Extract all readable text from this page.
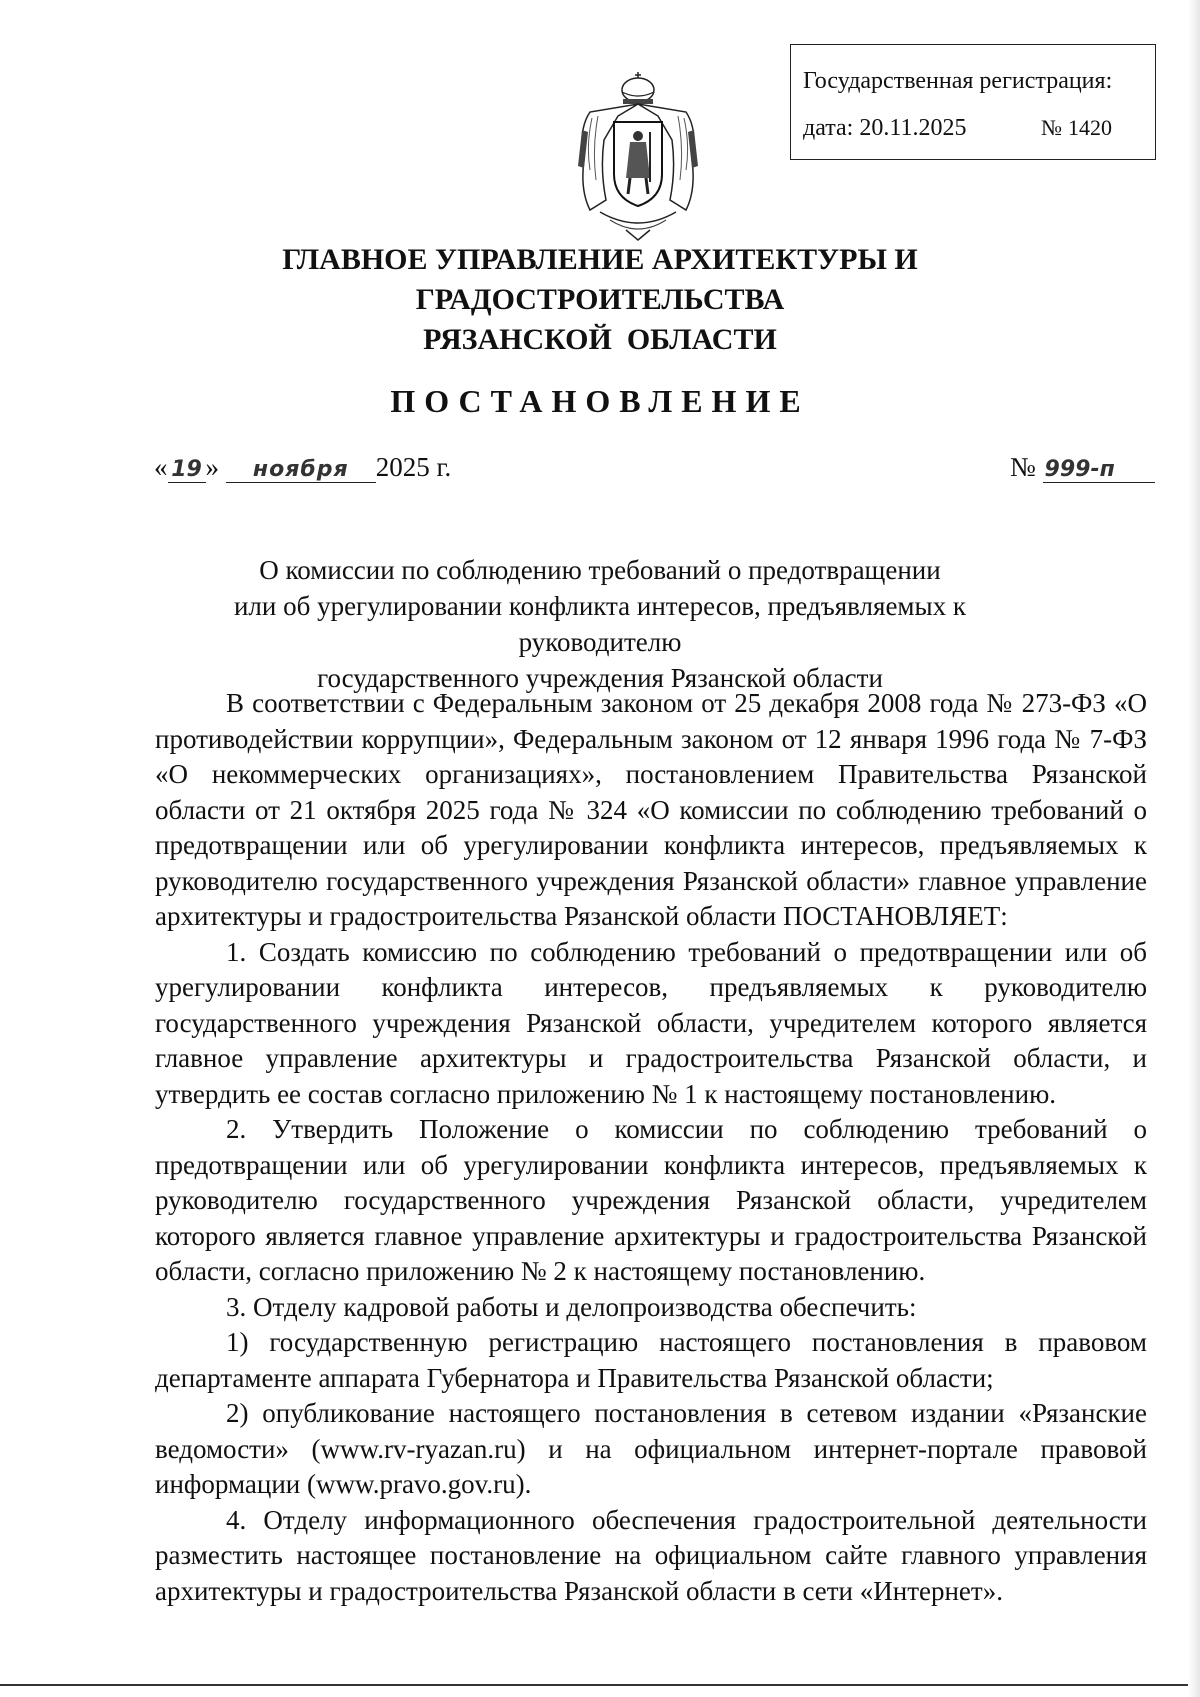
Государственная регистрация:
дата: 20.11.2025	№ 1420
ГЛАВНОЕ УПРАВЛЕНИЕ АРХИТЕКТУРЫ И ГРАДОСТРОИТЕЛЬСТВА
РЯЗАНСКОЙ  ОБЛАСТИ
ПОСТАНОВЛЕНИЕ
« 19 » ноября 2025 г.	№ 999-п
О комиссии по соблюдению требований о предотвращении
или об урегулировании конфликта интересов, предъявляемых к руководителю
государственного учреждения Рязанской области

В соответствии с Федеральным законом от 25 декабря 2008 года № 273-ФЗ «О противодействии коррупции», Федеральным законом от 12 января 1996 года № 7-ФЗ «О некоммерческих организациях», постановлением Правительства Рязанской области от 21 октября 2025 года № 324 «О комиссии по соблюдению требований о предотвращении или об урегулировании конфликта интересов, предъявляемых к руководителю государственного учреждения Рязанской области» главное управление архитектуры и градостроительства Рязанской области ПОСТАНОВЛЯЕТ:

1. Создать комиссию по соблюдению требований о предотвращении или об урегулировании конфликта интересов, предъявляемых к руководителю государственного учреждения Рязанской области, учредителем которого является главное управление архитектуры и градостроительства Рязанской области, и утвердить ее состав согласно приложению № 1 к настоящему постановлению.

2. Утвердить Положение о комиссии по соблюдению требований о предотвращении или об урегулировании конфликта интересов, предъявляемых к руководителю государственного учреждения Рязанской области, учредителем которого является главное управление архитектуры и градостроительства Рязанской области, согласно приложению № 2 к настоящему постановлению.

3. Отделу кадровой работы и делопроизводства обеспечить:

1) государственную регистрацию настоящего постановления в правовом департаменте аппарата Губернатора и Правительства Рязанской области;

2) опубликование настоящего постановления в сетевом издании «Рязанские ведомости» (www.rv-ryazan.ru) и на официальном интернет-портале правовой информации (www.pravo.gov.ru).

4. Отделу информационного обеспечения градостроительной деятельности разместить настоящее постановление на официальном сайте главного управления архитектуры и градостроительства Рязанской области в сети «Интернет».
